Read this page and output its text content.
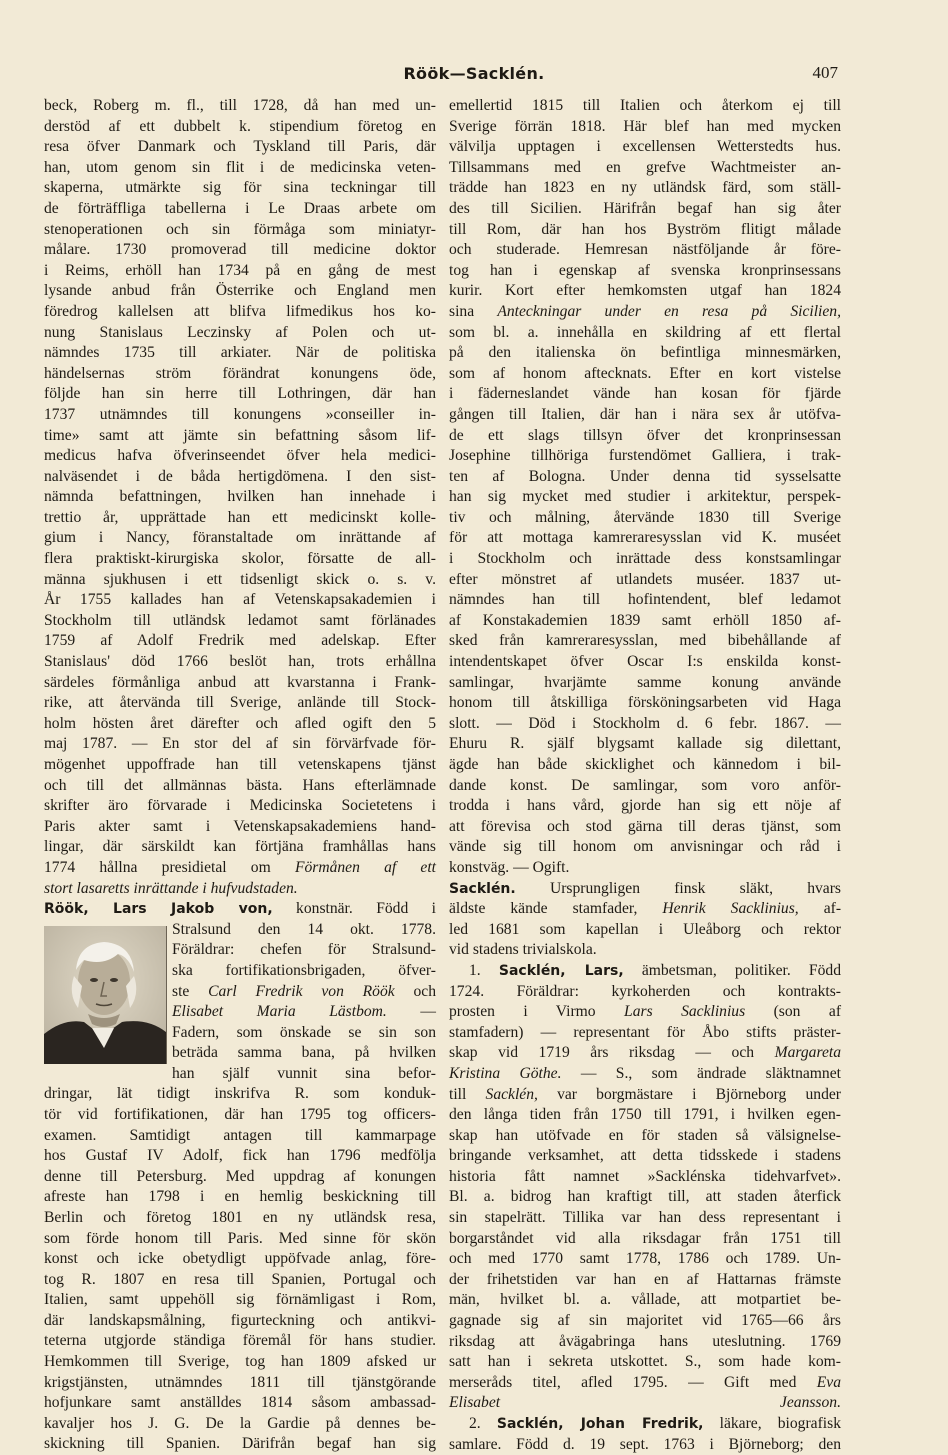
Röök—Sacklén.	407
beck, Roberg m. fl., till 1728, då han med un-
derstöd af ett dubbelt k. stipendium företog en
resa öfver Danmark och Tyskland till Paris, där
han, utom genom sin flit i de medicinska veten-
skaperna, utmärkte sig för sina teckningar till
de förträffliga tabellerna i Le Draas arbete om
stenoperationen och sin förmåga som miniatyr-
målare. 1730 promoverad till medicine doktor
i Reims, erhöll han 1734 på en gång de mest
lysande anbud från Österrike och England men
föredrog kallelsen att blifva lifmedikus hos ko-
nung Stanislaus Leczinsky af Polen och ut-
nämndes 1735 till arkiater. När de politiska
händelsernas ström förändrat konungens öde,
följde han sin herre till Lothringen, där han
1737 utnämndes till konungens »conseiller in-
time» samt att jämte sin befattning såsom lif-
medicus hafva öfverinseendet öfver hela medici-
nalväsendet i de båda hertigdömena. I den sist-
nämnda befattningen, hvilken han innehade i
trettio år, upprättade han ett medicinskt kolle-
gium i Nancy, föranstaltade om inrättande af
flera praktiskt-kirurgiska skolor, försatte de all-
männa sjukhusen i ett tidsenligt skick o. s. v.
År 1755 kallades han af Vetenskapsakademien i
Stockholm till utländsk ledamot samt förlänades
1759 af Adolf Fredrik med adelskap. Efter
Stanislaus' död 1766 beslöt han, trots erhållna
särdeles förmånliga anbud att kvarstanna i Frank-
rike, att återvända till Sverige, anlände till Stock-
holm hösten året därefter och afled ogift den 5
maj 1787. — En stor del af sin förvärfvade för-
mögenhet uppoffrade han till vetenskapens tjänst
och till det allmännas bästa. Hans efterlämnade
skrifter äro förvarade i Medicinska Societetens i
Paris akter samt i Vetenskapsakademiens hand-
lingar, där särskildt kan förtjäna framhållas hans
1774 hållna presidietal om Förmånen af ett
stort lasaretts inrättande i hufvudstaden.
Röök, Lars Jakob von, konstnär. Född i
Stralsund den 14 okt. 1778.
Föräldrar: chefen för Stralsund-
ska fortifikationsbrigaden, öfver-
ste Carl Fredrik von Röök och
Elisabet Maria Lästbom. —
Fadern, som önskade se sin son
beträda samma bana, på hvilken
han själf vunnit sina befor-
dringar, lät tidigt inskrifva R. som konduk-
tör vid fortifikationen, där han 1795 tog officers-
examen. Samtidigt antagen till kammarpage
hos Gustaf IV Adolf, fick han 1796 medfölja
denne till Petersburg. Med uppdrag af konungen
afreste han 1798 i en hemlig beskickning till
Berlin och företog 1801 en ny utländsk resa,
som förde honom till Paris. Med sinne för skön
konst och icke obetydligt uppöfvade anlag, före-
tog R. 1807 en resa till Spanien, Portugal och
Italien, samt uppehöll sig förnämligast i Rom,
där landskapsmålning, figurteckning och antikvi-
teterna utgjorde ständiga föremål för hans studier.
Hemkommen till Sverige, tog han 1809 afsked ur
krigstjänsten, utnämndes 1811 till tjänstgörande
hofjunkare samt anställdes 1814 såsom ambassad-
kavaljer hos J. G. De la Gardie på dennes be-
skickning till Spanien. Därifrån begaf han sig
emellertid 1815 till Italien och återkom ej till
Sverige förrän 1818. Här blef han med mycken
välvilja upptagen i excellensen Wetterstedts hus.
Tillsammans med en grefve Wachtmeister an-
trädde han 1823 en ny utländsk färd, som ställ-
des till Sicilien. Härifrån begaf han sig åter
till Rom, där han hos Byström flitigt målade
och studerade. Hemresan nästföljande år före-
tog han i egenskap af svenska kronprinsessans
kurir. Kort efter hemkomsten utgaf han 1824
sina Anteckningar under en resa på Sicilien,
som bl. a. innehålla en skildring af ett flertal
på den italienska ön befintliga minnesmärken,
som af honom aftecknats. Efter en kort vistelse
i fäderneslandet vände han kosan för fjärde
gången till Italien, där han i nära sex år utöfva-
de ett slags tillsyn öfver det kronprinsessan
Josephine tillhöriga furstendömet Galliera, i trak-
ten af Bologna. Under denna tid sysselsatte
han sig mycket med studier i arkitektur, perspek-
tiv och målning, återvände 1830 till Sverige
för att mottaga kamreraresysslan vid K. muséet
i Stockholm och inrättade dess konstsamlingar
efter mönstret af utlandets muséer. 1837 ut-
nämndes han till hofintendent, blef ledamot
af Konstakademien 1839 samt erhöll 1850 af-
sked från kamreraresysslan, med bibehållande af
intendentskapet öfver Oscar I:s enskilda konst-
samlingar, hvarjämte samme konung använde
honom till åtskilliga försköningsarbeten vid Haga
slott. — Död i Stockholm d. 6 febr. 1867. —
Ehuru R. själf blygsamt kallade sig dilettant,
ägde han både skicklighet och kännedom i bil-
dande konst. De samlingar, som voro anför-
trodda i hans vård, gjorde han sig ett nöje af
att förevisa och stod gärna till deras tjänst, som
vände sig till honom om anvisningar och råd i
konstväg. — Ogift.
Sacklén. Ursprungligen finsk släkt, hvars
äldste kände stamfader, Henrik Sacklinius, af-
led 1681 som kapellan i Uleåborg och rektor
vid stadens trivialskola.
1. Sacklén, Lars, ämbetsman, politiker. Född
1724. Föräldrar: kyrkoherden och kontrakts-
prosten i Virmo Lars Sacklinius (son af
stamfadern) — representant för Åbo stifts präster-
skap vid 1719 års riksdag — och Margareta
Kristina Göthe. — S., som ändrade släktnamnet
till Sacklén, var borgmästare i Björneborg under
den långa tiden från 1750 till 1791, i hvilken egen-
skap han utöfvade en för staden så välsignelse-
bringande verksamhet, att detta tidsskede i stadens
historia fått namnet »Sacklénska tidehvarfvet».
Bl. a. bidrog han kraftigt till, att staden återfick
sin stapelrätt. Tillika var han dess representant i
borgarståndet vid alla riksdagar från 1751 till
och med 1770 samt 1778, 1786 och 1789. Un-
der frihetstiden var han en af Hattarnas främste
män, hvilket bl. a. vållade, att motpartiet be-
gagnade sig af sin majoritet vid 1765—66 års
riksdag att åvägabringa hans uteslutning. 1769
satt han i sekreta utskottet. S., som hade kom-
merseråds titel, afled 1795. — Gift med Eva
Elisabet Jeansson.
2. Sacklén, Johan Fredrik, läkare, biografisk
samlare. Född d. 19 sept. 1763 i Björneborg; den
